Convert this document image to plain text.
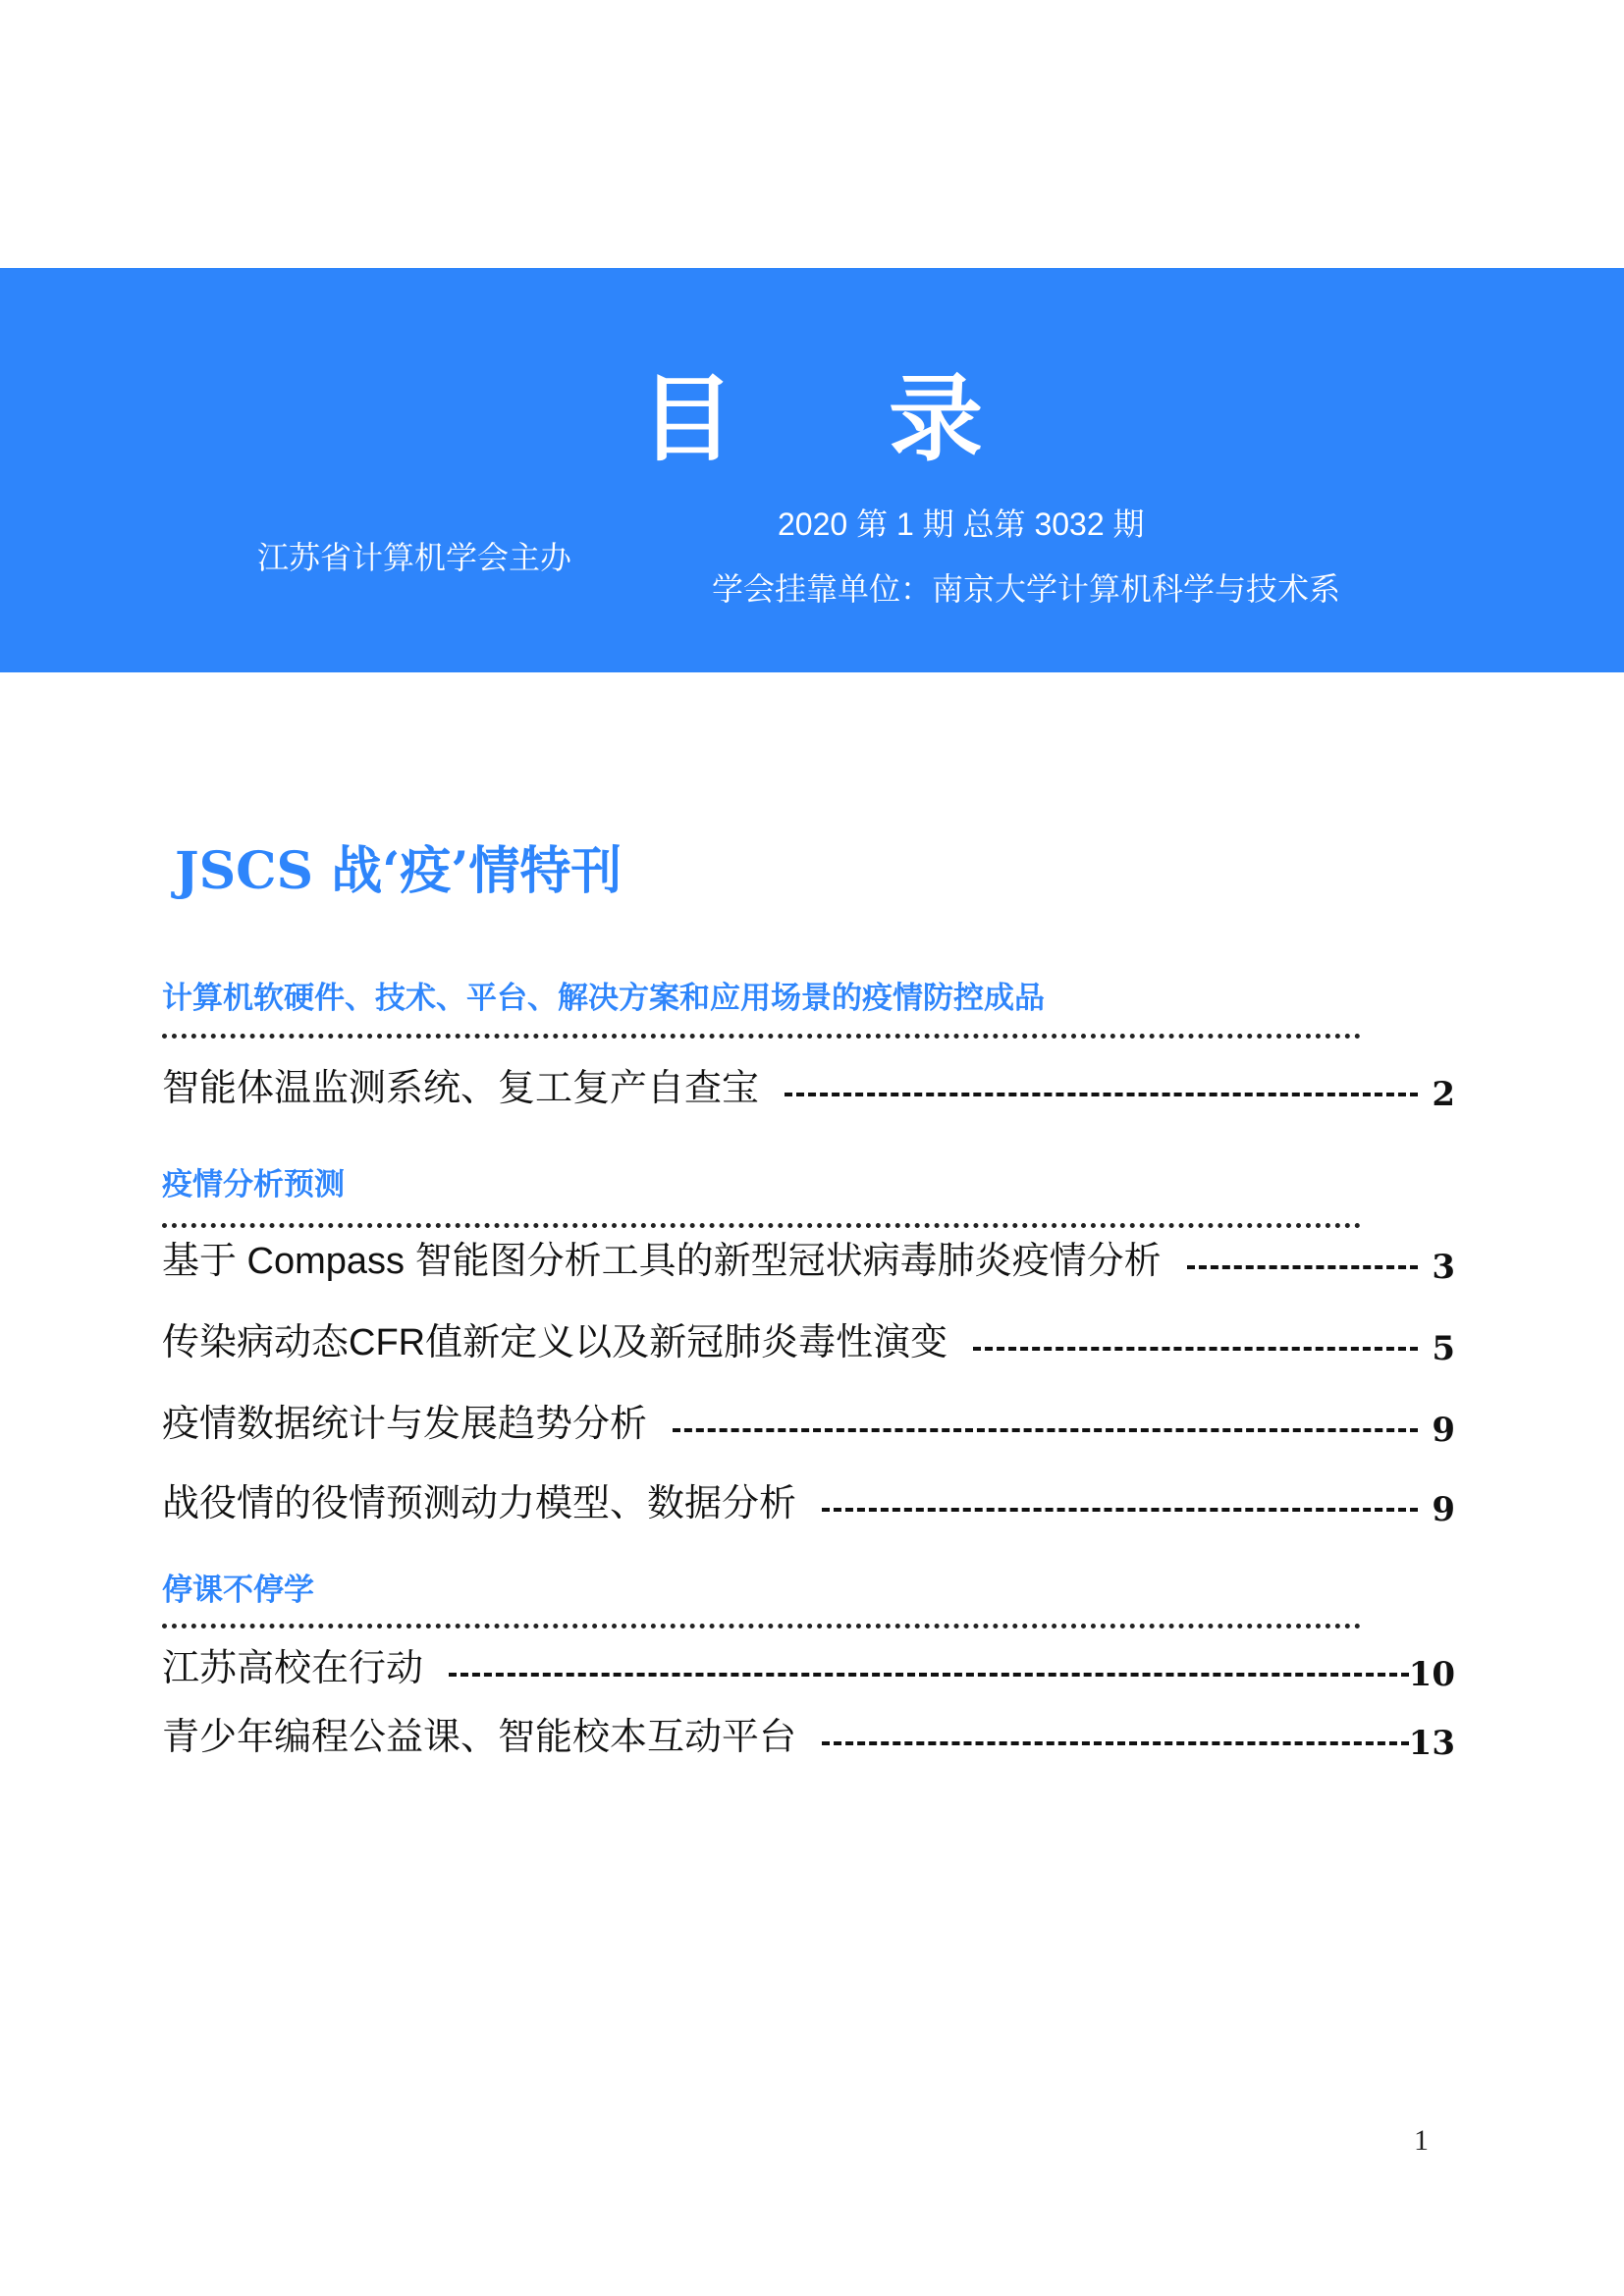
目 录
江苏省计算机学会主办
2020 第 1 期 总第 3032 期
学会挂靠单位：南京大学计算机科学与技术系
JSCS 战‘疫’情特刊
计算机软硬件、技术、平台、解决方案和应用场景的疫情防控成品
智能体温监测系统、复工复产自查宝	2
疫情分析预测
基于 Compass 智能图分析工具的新型冠状病毒肺炎疫情分析	3
传染病动态CFR值新定义以及新冠肺炎毒性演变	5
疫情数据统计与发展趋势分析	9
战役情的役情预测动力模型、数据分析	9
停课不停学
江苏高校在行动	10
青少年编程公益课、智能校本互动平台	13
1
